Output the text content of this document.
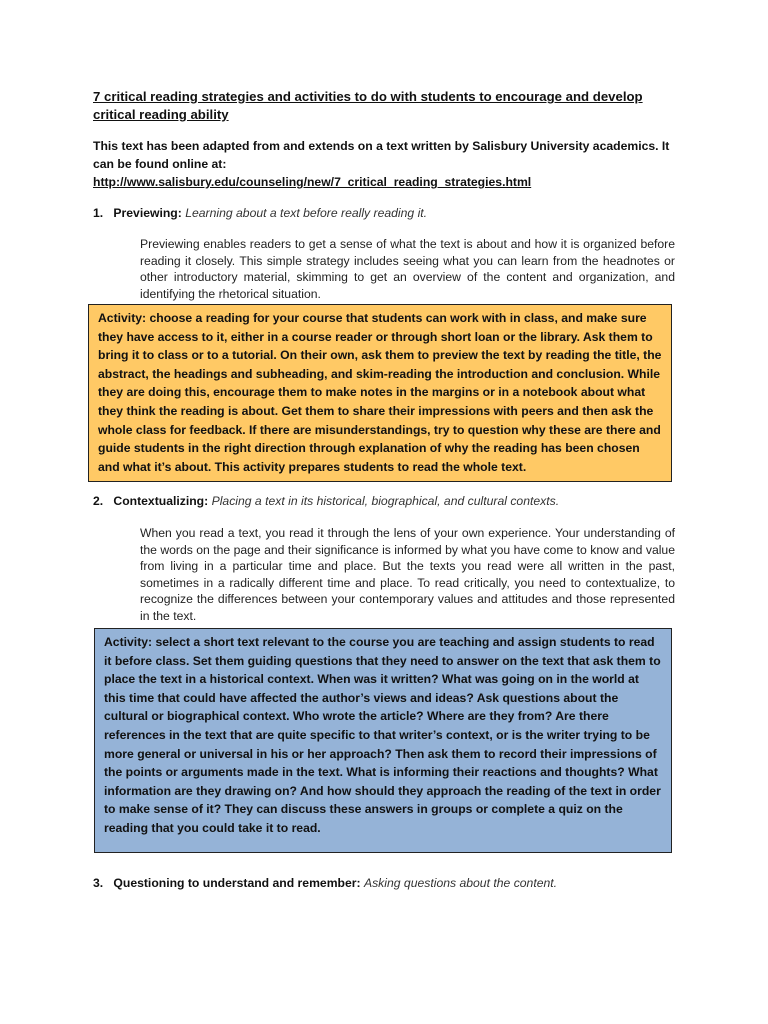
7 critical reading strategies and activities to do with students to encourage and develop critical reading ability
This text has been adapted from and extends on a text written by Salisbury University academics. It can be found online at:
http://www.salisbury.edu/counseling/new/7_critical_reading_strategies.html
1. Previewing: Learning about a text before really reading it.
Previewing enables readers to get a sense of what the text is about and how it is organized before reading it closely. This simple strategy includes seeing what you can learn from the headnotes or other introductory material, skimming to get an overview of the content and organization, and identifying the rhetorical situation.
Activity: choose a reading for your course that students can work with in class, and make sure they have access to it, either in a course reader or through short loan or the library. Ask them to bring it to class or to a tutorial. On their own, ask them to preview the text by reading the title, the abstract, the headings and subheading, and skim-reading the introduction and conclusion. While they are doing this, encourage them to make notes in the margins or in a notebook about what they think the reading is about. Get them to share their impressions with peers and then ask the whole class for feedback. If there are misunderstandings, try to question why these are there and guide students in the right direction through explanation of why the reading has been chosen and what it’s about. This activity prepares students to read the whole text.
2. Contextualizing: Placing a text in its historical, biographical, and cultural contexts.
When you read a text, you read it through the lens of your own experience. Your understanding of the words on the page and their significance is informed by what you have come to know and value from living in a particular time and place. But the texts you read were all written in the past, sometimes in a radically different time and place. To read critically, you need to contextualize, to recognize the differences between your contemporary values and attitudes and those represented in the text.
Activity: select a short text relevant to the course you are teaching and assign students to read it before class. Set them guiding questions that they need to answer on the text that ask them to place the text in a historical context. When was it written? What was going on in the world at this time that could have affected the author’s views and ideas? Ask questions about the cultural or biographical context. Who wrote the article? Where are they from? Are there references in the text that are quite specific to that writer’s context, or is the writer trying to be more general or universal in his or her approach? Then ask them to record their impressions of the points or arguments made in the text. What is informing their reactions and thoughts? What information are they drawing on? And how should they approach the reading of the text in order to make sense of it? They can discuss these answers in groups or complete a quiz on the reading that you could take it to read.
3. Questioning to understand and remember: Asking questions about the content.
